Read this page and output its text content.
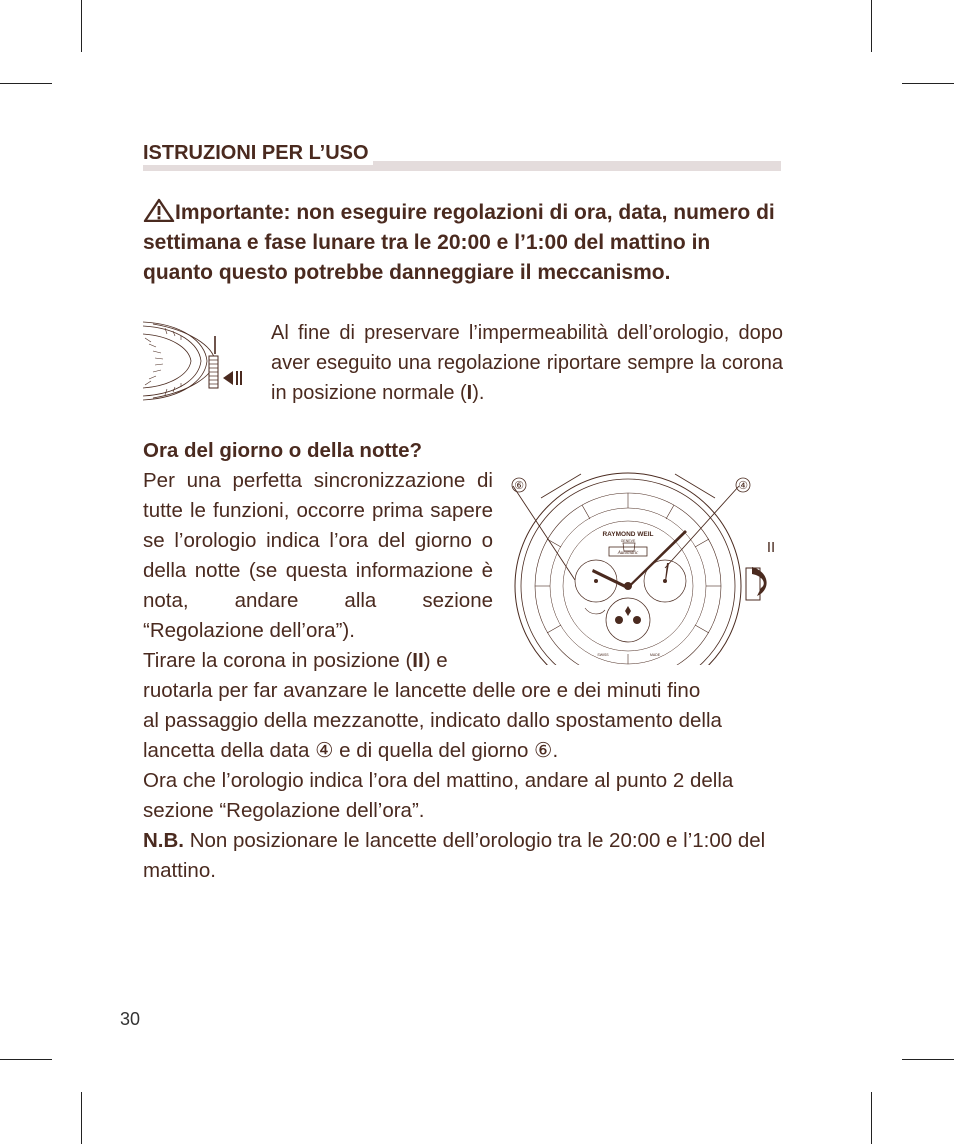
ISTRUZIONI PER L’USO
Importante: non eseguire regolazioni di ora, data, numero di settimana e fase lunare tra le 20:00 e l’1:00 del mattino in quanto questo potrebbe danneggiare il meccanismo.
Al fine di preservare l’impermeabilità dell’orologio, dopo aver eseguito una regolazione riportare sempre la corona in posizione normale (I).
Ora del giorno o della notte?
Per una perfetta sincronizzazione di tutte le funzioni, occorre prima sapere se l’orologio indica l’ora del giorno o della notte (se questa informazione è nota, andare alla sezione “Regolazione dell’ora”).
Tirare la corona in posizione (II) e
ruotarla per far avanzare le lancette delle ore e dei minuti fino
al passaggio della mezzanotte, indicato dallo spostamento della
lancetta della data ④ e di quella del giorno ⑥.
Ora che l’orologio indica l’ora del mattino, andare al punto 2 della sezione “Regolazione dell’ora”.
N.B. Non posizionare le lancette dell’orologio tra le 20:00 e l’1:00 del mattino.
⑥	④
II
RAYMOND WEIL
GENEVE
Automatic
SWISS	MADE
30
